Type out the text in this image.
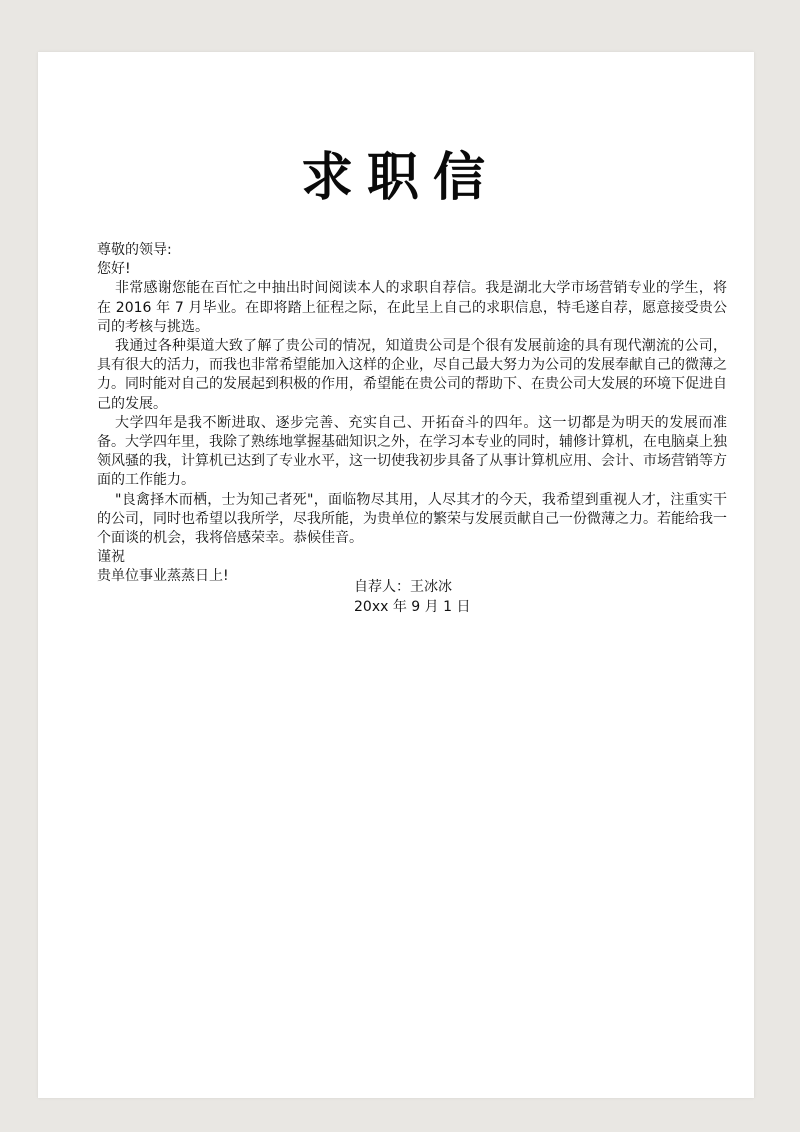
求职信

尊敬的领导:

您好!

非常感谢您能在百忙之中抽出时间阅读本人的求职自荐信。我是湖北大学市场营销专业的学生，将在 2016 年 7 月毕业。在即将踏上征程之际，在此呈上自己的求职信息，特毛遂自荐，愿意接受贵公司的考核与挑选。

我通过各种渠道大致了解了贵公司的情况，知道贵公司是个很有发展前途的具有现代潮流的公司，具有很大的活力，而我也非常希望能加入这样的企业，尽自己最大努力为公司的发展奉献自己的微薄之力。同时能对自己的发展起到积极的作用，希望能在贵公司的帮助下、在贵公司大发展的环境下促进自己的发展。

大学四年是我不断进取、逐步完善、充实自己、开拓奋斗的四年。这一切都是为明天的发展而准备。大学四年里，我除了熟练地掌握基础知识之外，在学习本专业的同时，辅修计算机，在电脑桌上独领风骚的我，计算机已达到了专业水平，这一切使我初步具备了从事计算机应用、会计、市场营销等方面的工作能力。

"良禽择木而栖，士为知己者死"，面临物尽其用，人尽其才的今天，我希望到重视人才，注重实干的公司，同时也希望以我所学，尽我所能，为贵单位的繁荣与发展贡献自己一份微薄之力。若能给我一个面谈的机会，我将倍感荣幸。恭候佳音。

谨祝

贵单位事业蒸蒸日上!

自荐人：王冰冰
20xx 年 9 月 1 日
